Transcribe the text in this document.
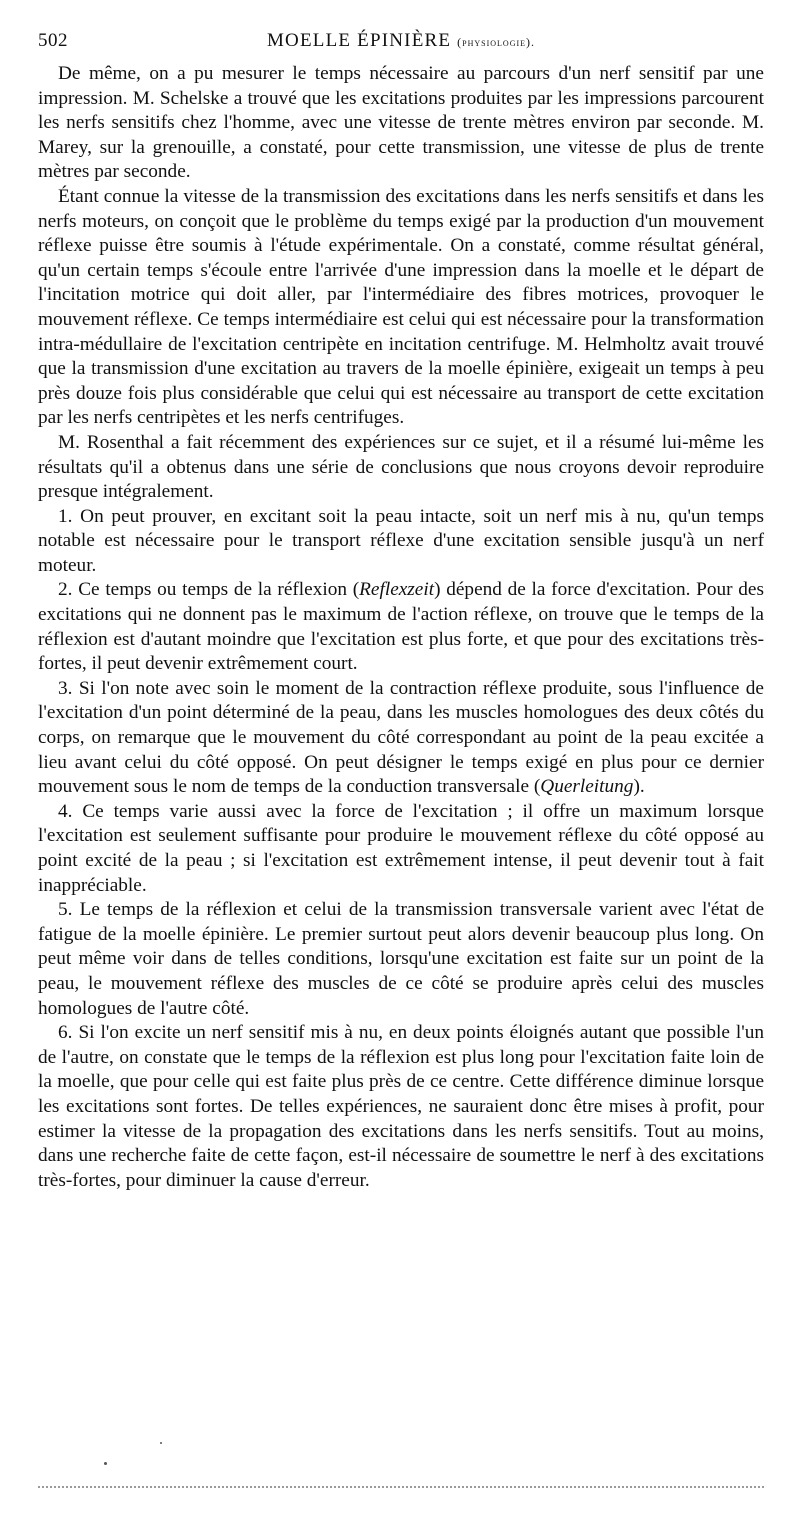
502	MOELLE ÉPINIÈRE (physiologie).

De même, on a pu mesurer le temps nécessaire au parcours d'un nerf sensitif par une impression. M. Schelske a trouvé que les excitations produites par les impressions parcourent les nerfs sensitifs chez l'homme, avec une vitesse de trente mètres environ par seconde. M. Marey, sur la grenouille, a constaté, pour cette transmission, une vitesse de plus de trente mètres par seconde.

Étant connue la vitesse de la transmission des excitations dans les nerfs sensitifs et dans les nerfs moteurs, on conçoit que le problème du temps exigé par la production d'un mouvement réflexe puisse être soumis à l'étude expérimentale. On a constaté, comme résultat général, qu'un certain temps s'écoule entre l'arrivée d'une impression dans la moelle et le départ de l'incitation motrice qui doit aller, par l'intermédiaire des fibres motrices, provoquer le mouvement réflexe. Ce temps intermédiaire est celui qui est nécessaire pour la transformation intra-médullaire de l'excitation centripète en incitation centrifuge. M. Helmholtz avait trouvé que la transmission d'une excitation au travers de la moelle épinière, exigeait un temps à peu près douze fois plus considérable que celui qui est nécessaire au transport de cette excitation par les nerfs centripètes et les nerfs centrifuges.

M. Rosenthal a fait récemment des expériences sur ce sujet, et il a résumé lui-même les résultats qu'il a obtenus dans une série de conclusions que nous croyons devoir reproduire presque intégralement.

1. On peut prouver, en excitant soit la peau intacte, soit un nerf mis à nu, qu'un temps notable est nécessaire pour le transport réflexe d'une excitation sensible jusqu'à un nerf moteur.

2. Ce temps ou temps de la réflexion (Reflexzeit) dépend de la force d'excitation. Pour des excitations qui ne donnent pas le maximum de l'action réflexe, on trouve que le temps de la réflexion est d'autant moindre que l'excitation est plus forte, et que pour des excitations très-fortes, il peut devenir extrêmement court.

3. Si l'on note avec soin le moment de la contraction réflexe produite, sous l'influence de l'excitation d'un point déterminé de la peau, dans les muscles homologues des deux côtés du corps, on remarque que le mouvement du côté correspondant au point de la peau excitée a lieu avant celui du côté opposé. On peut désigner le temps exigé en plus pour ce dernier mouvement sous le nom de temps de la conduction transversale (Querleitung).

4. Ce temps varie aussi avec la force de l'excitation ; il offre un maximum lorsque l'excitation est seulement suffisante pour produire le mouvement réflexe du côté opposé au point excité de la peau ; si l'excitation est extrêmement intense, il peut devenir tout à fait inappréciable.

5. Le temps de la réflexion et celui de la transmission transversale varient avec l'état de fatigue de la moelle épinière. Le premier surtout peut alors devenir beaucoup plus long. On peut même voir dans de telles conditions, lorsqu'une excitation est faite sur un point de la peau, le mouvement réflexe des muscles de ce côté se produire après celui des muscles homologues de l'autre côté.

6. Si l'on excite un nerf sensitif mis à nu, en deux points éloignés autant que possible l'un de l'autre, on constate que le temps de la réflexion est plus long pour l'excitation faite loin de la moelle, que pour celle qui est faite plus près de ce centre. Cette différence diminue lorsque les excitations sont fortes. De telles expériences, ne sauraient donc être mises à profit, pour estimer la vitesse de la propagation des excitations dans les nerfs sensitifs. Tout au moins, dans une recherche faite de cette façon, est-il nécessaire de soumettre le nerf à des excitations très-fortes, pour diminuer la cause d'erreur.
